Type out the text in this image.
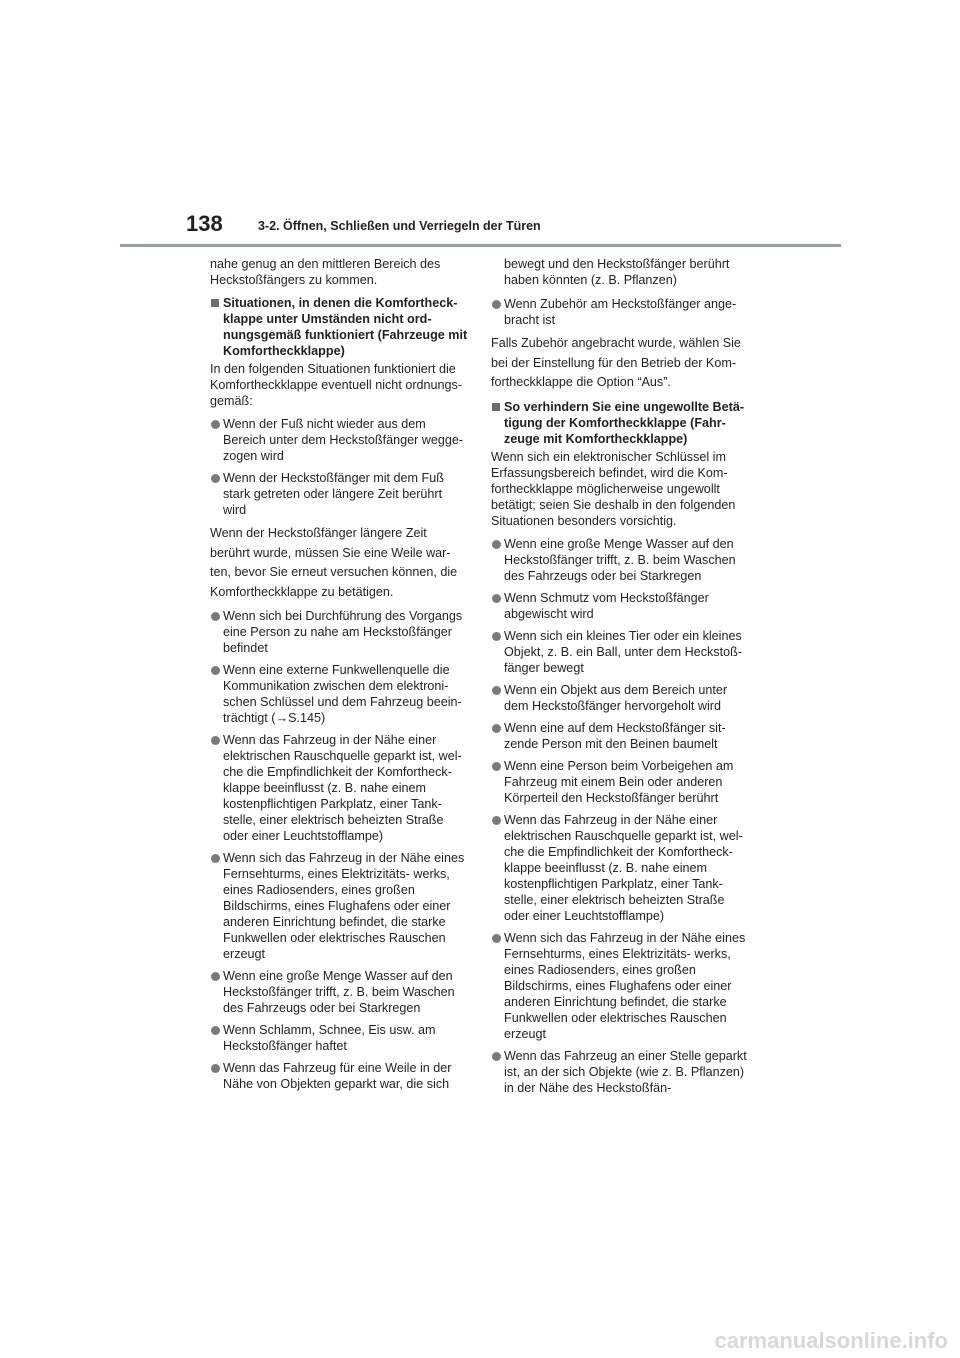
138	3-2. Öffnen, Schließen und Verriegeln der Türen

nahe genug an den mittleren Bereich des Heckstoßfängers zu kommen.

Situationen, in denen die Komfortheck- klappe unter Umständen nicht ord- nungsgemäß funktioniert (Fahrzeuge mit Komfortheckklappe)

In den folgenden Situationen funktioniert die Komfortheckklappe eventuell nicht ordnungs- gemäß:

Wenn der Fuß nicht wieder aus dem Bereich unter dem Heckstoßfänger wegge- zogen wird
Wenn der Heckstoßfänger mit dem Fuß stark getreten oder längere Zeit berührt wird

Wenn der Heckstoßfänger längere Zeit berührt wurde, müssen Sie eine Weile war- ten, bevor Sie erneut versuchen können, die Komfortheckklappe zu betätigen.

Wenn sich bei Durchführung des Vorgangs eine Person zu nahe am Heckstoßfänger befindet
Wenn eine externe Funkwellenquelle die Kommunikation zwischen dem elektroni- schen Schlüssel und dem Fahrzeug beein- trächtigt (→S.145)
Wenn das Fahrzeug in der Nähe einer elektrischen Rauschquelle geparkt ist, wel- che die Empfindlichkeit der Komfortheck- klappe beeinflusst (z. B. nahe einem kostenpflichtigen Parkplatz, einer Tank- stelle, einer elektrisch beheizten Straße oder einer Leuchtstofflampe)
Wenn sich das Fahrzeug in der Nähe eines Fernsehturms, eines Elektrizitäts- werks, eines Radiosenders, eines großen Bildschirms, eines Flughafens oder einer anderen Einrichtung befindet, die starke Funkwellen oder elektrisches Rauschen erzeugt
Wenn eine große Menge Wasser auf den Heckstoßfänger trifft, z. B. beim Waschen des Fahrzeugs oder bei Starkregen
Wenn Schlamm, Schnee, Eis usw. am Heckstoßfänger haftet
Wenn das Fahrzeug für eine Weile in der Nähe von Objekten geparkt war, die sich
bewegt und den Heckstoßfänger berührt haben könnten (z. B. Pflanzen)
Wenn Zubehör am Heckstoßfänger ange- bracht ist

Falls Zubehör angebracht wurde, wählen Sie bei der Einstellung für den Betrieb der Kom- fortheckklappe die Option “Aus”.

So verhindern Sie eine ungewollte Betä- tigung der Komfortheckklappe (Fahr- zeuge mit Komfortheckklappe)

Wenn sich ein elektronischer Schlüssel im Erfassungsbereich befindet, wird die Kom- fortheckklappe möglicherweise ungewollt betätigt; seien Sie deshalb in den folgenden Situationen besonders vorsichtig.

Wenn eine große Menge Wasser auf den Heckstoßfänger trifft, z. B. beim Waschen des Fahrzeugs oder bei Starkregen
Wenn Schmutz vom Heckstoßfänger abgewischt wird
Wenn sich ein kleines Tier oder ein kleines Objekt, z. B. ein Ball, unter dem Heckstoß- fänger bewegt
Wenn ein Objekt aus dem Bereich unter dem Heckstoßfänger hervorgeholt wird
Wenn eine auf dem Heckstoßfänger sit- zende Person mit den Beinen baumelt
Wenn eine Person beim Vorbeigehen am Fahrzeug mit einem Bein oder anderen Körperteil den Heckstoßfänger berührt
Wenn das Fahrzeug in der Nähe einer elektrischen Rauschquelle geparkt ist, wel- che die Empfindlichkeit der Komfortheck- klappe beeinflusst (z. B. nahe einem kostenpflichtigen Parkplatz, einer Tank- stelle, einer elektrisch beheizten Straße oder einer Leuchtstofflampe)
Wenn sich das Fahrzeug in der Nähe eines Fernsehturms, eines Elektrizitäts- werks, eines Radiosenders, eines großen Bildschirms, eines Flughafens oder einer anderen Einrichtung befindet, die starke Funkwellen oder elektrisches Rauschen erzeugt
Wenn das Fahrzeug an einer Stelle geparkt ist, an der sich Objekte (wie z. B. Pflanzen) in der Nähe des Heckstoßfän-
carmanualsonline.info
